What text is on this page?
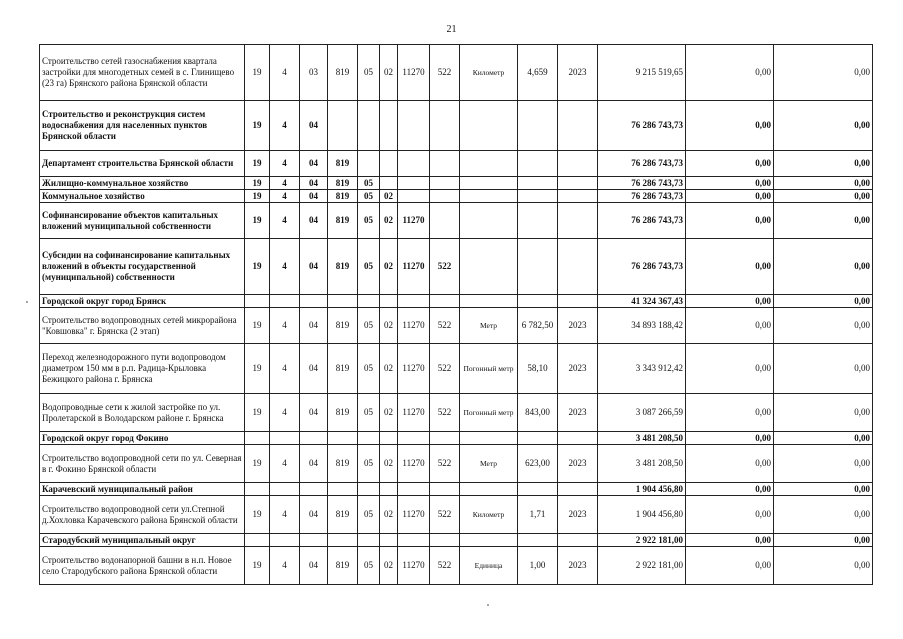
21
Строительство сетей газоснабжения квартала застройки для многодетных семей в с. Глинищево (23 га) Брянского района Брянской области	19	4	03	819	05	02	11270	522	Километр	4,659	2023	9 215 519,65	0,00	0,00
Строительство и реконструкция систем водоснабжения для населенных пунктов Брянской области	19	4	04									76 286 743,73	0,00	0,00
Департамент строительства Брянской области	19	4	04	819								76 286 743,73	0,00	0,00
Жилищно-коммунальное хозяйство	19	4	04	819	05							76 286 743,73	0,00	0,00
Коммунальное хозяйство	19	4	04	819	05	02						76 286 743,73	0,00	0,00
Софинансирование объектов капитальных вложений муниципальной собственности	19	4	04	819	05	02	11270					76 286 743,73	0,00	0,00
Субсидии на софинансирование капитальных вложений в объекты государственной (муниципальной) собственности	19	4	04	819	05	02	11270	522				76 286 743,73	0,00	0,00
Городской округ город Брянск												41 324 367,43	0,00	0,00
Строительство водопроводных сетей микрорайона "Ковшовка" г. Брянска (2 этап)	19	4	04	819	05	02	11270	522	Метр	6 782,50	2023	34 893 188,42	0,00	0,00
Переход железнодорожного пути водопроводом диаметром 150 мм в р.п. Радица-Крыловка Бежицкого района г. Брянска	19	4	04	819	05	02	11270	522	Погонный метр	58,10	2023	3 343 912,42	0,00	0,00
Водопроводные сети к жилой застройке по ул. Пролетарской в Володарском районе г. Брянска	19	4	04	819	05	02	11270	522	Погонный метр	843,00	2023	3 087 266,59	0,00	0,00
Городской округ город Фокино												3 481 208,50	0,00	0,00
Строительство водопроводной сети по ул. Северная в г. Фокино Брянской области	19	4	04	819	05	02	11270	522	Метр	623,00	2023	3 481 208,50	0,00	0,00
Карачевский муниципальный район												1 904 456,80	0,00	0,00
Строительство водопроводной сети ул.Степной д.Хохловка Карачевского района Брянской области	19	4	04	819	05	02	11270	522	Километр	1,71	2023	1 904 456,80	0,00	0,00
Стародубский муниципальный округ												2 922 181,00	0,00	0,00
Строительство водонапорной башни в н.п. Новое село Стародубского района Брянской области	19	4	04	819	05	02	11270	522	Единица	1,00	2023	2 922 181,00	0,00	0,00
